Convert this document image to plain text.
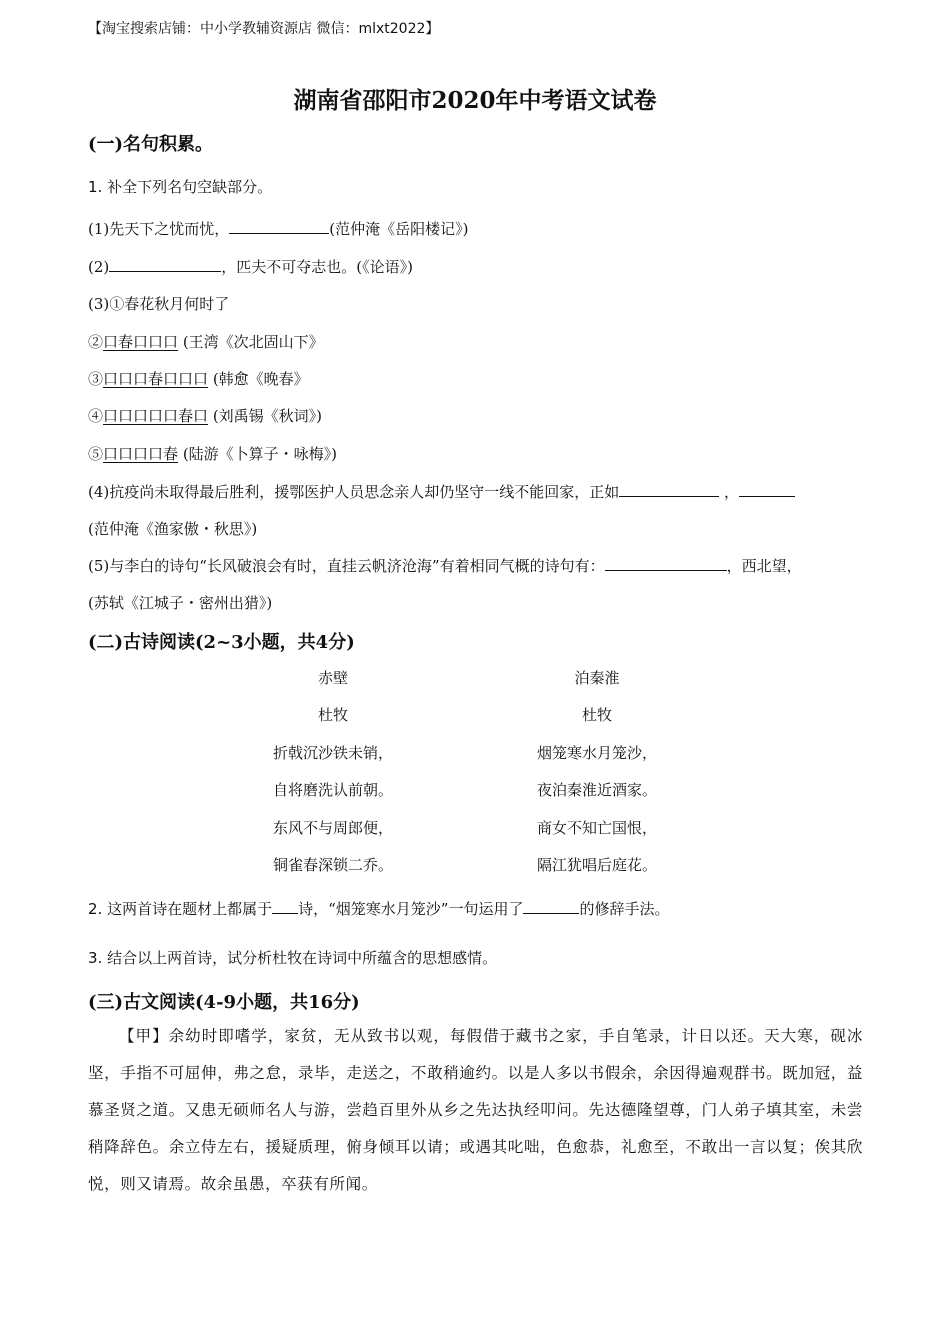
【淘宝搜索店铺：中小学教辅资源店 微信：mlxt2022】
湖南省邵阳市2020年中考语文试卷
(一)名句积累。
1. 补全下列名句空缺部分。
(1)先天下之忧而忧，	(范仲淹《岳阳楼记》)
(2)	，匹夫不可夺志也。(《论语》)
(3)①春花秋月何时了
②口春口口口 (王湾《次北固山下》
③口口口春口口口 (韩愈《晚春》
④口口口口口春口 (刘禹锡《秋词》)
⑤口口口口春 (陆游《卜算子・咏梅》)
(4)抗疫尚未取得最后胜利，援鄂医护人员思念亲人却仍坚守一线不能回家，正如	，
(范仲淹《渔家傲・秋思》)
(5)与李白的诗句“长风破浪会有时，直挂云帆济沧海”有着相同气概的诗句有：	，西北望，
(苏轼《江城子・密州出猎》)
(二)古诗阅读(2~3小题，共4分)
赤壁
杜牧
折戟沉沙铁未销，
自将磨洗认前朝。
东风不与周郎便，
铜雀春深锁二乔。
泊秦淮
杜牧
烟笼寒水月笼沙，
夜泊秦淮近酒家。
商女不知亡国恨，
隔江犹唱后庭花。
2. 这两首诗在题材上都属于 诗，“烟笼寒水月笼沙”一句运用了	的修辞手法。
3. 结合以上两首诗，试分析杜牧在诗词中所蕴含的思想感情。
(三)古文阅读(4-9小题，共16分)
【甲】余幼时即嗜学，家贫，无从致书以观，每假借于藏书之家，手自笔录，计日以还。天大寒，砚冰坚，手指不可屈伸，弗之怠，录毕，走送之，不敢稍逾约。以是人多以书假余，余因得遍观群书。既加冠，益慕圣贤之道。又患无硕师名人与游，尝趋百里外从乡之先达执经叩问。先达德隆望尊，门人弟子填其室，未尝稍降辞色。余立侍左右，援疑质理，俯身倾耳以请；或遇其叱咄，色愈恭，礼愈至，不敢出一言以复；俟其欣悦，则又请焉。故余虽愚，卒获有所闻。
